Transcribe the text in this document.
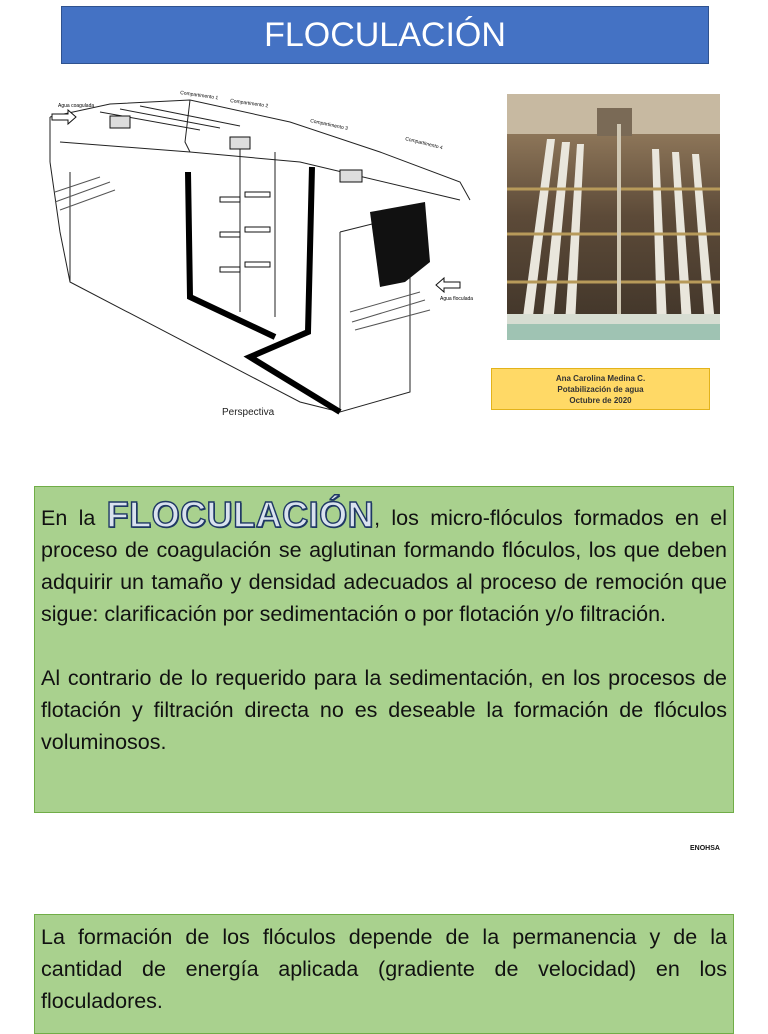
FLOCULACIÓN
Agua coagulada
Agua floculada
Compartimento 1
Compartimento 2
Compartimento 3
Compartimento 4
Perspectiva
Ana Carolina Medina C.
Potabilización de agua
Octubre de 2020

En la FLOCULACIÓN, los micro-flóculos formados en el proceso de coagulación se aglutinan formando flóculos, los que deben adquirir un tamaño y densidad adecuados al proceso de remoción que sigue: clarificación por sedimentación o por flotación y/o filtración.

Al contrario de lo requerido para la sedimentación, en los procesos de flotación y filtración directa no es deseable la formación de flóculos voluminosos.

ENOHSA

La formación de los flóculos depende de la permanencia y de la cantidad de energía aplicada (gradiente de velocidad) en los floculadores.
